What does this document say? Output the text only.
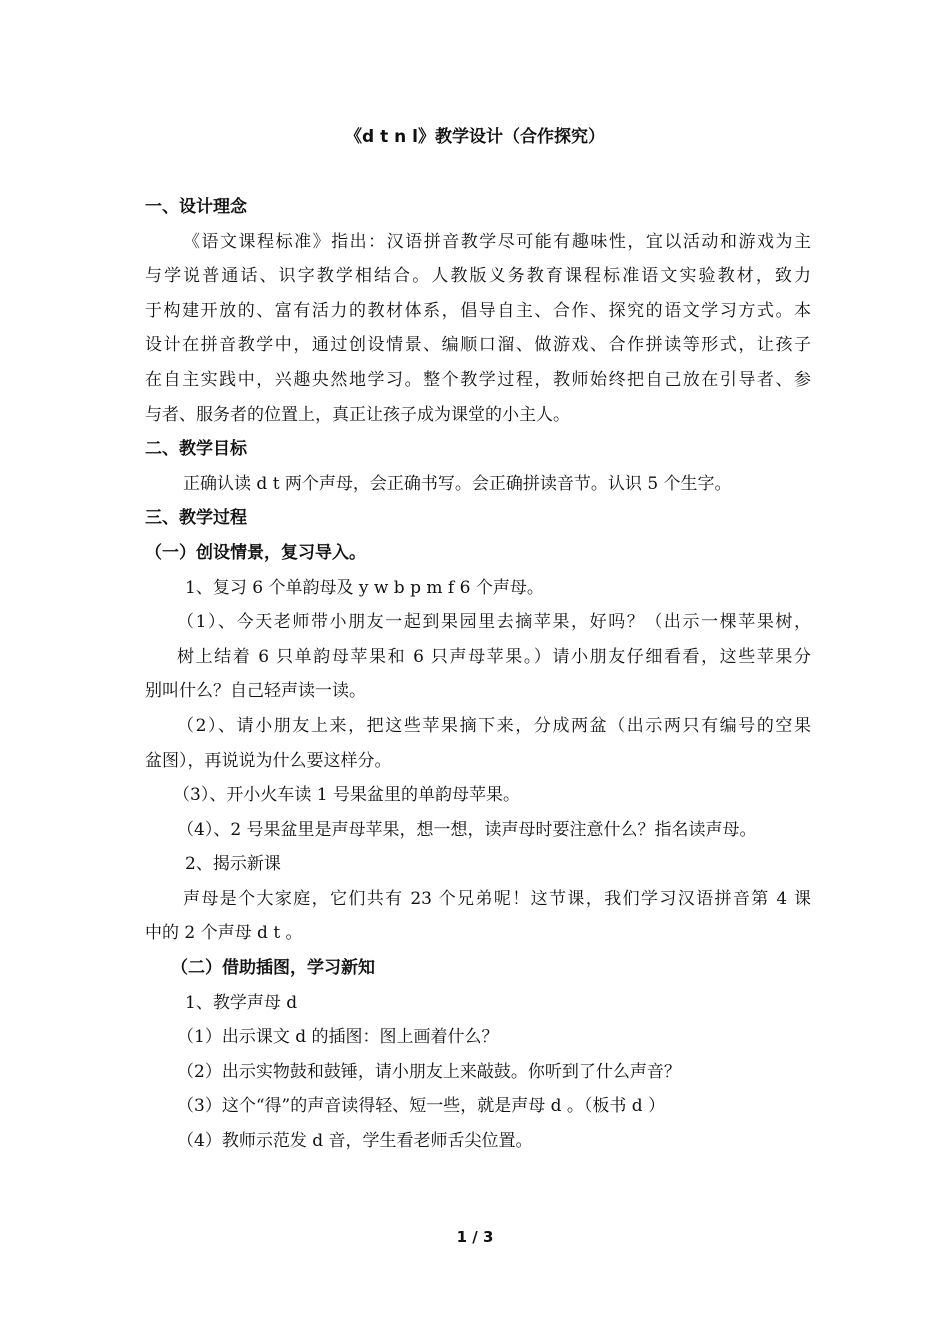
《d t n l》教学设计（合作探究）
一、设计理念
《语文课程标准》指出：汉语拼音教学尽可能有趣味性，宜以活动和游戏为主
与学说普通话、识字教学相结合。人教版义务教育课程标准语文实验教材，致力
于构建开放的、富有活力的教材体系，倡导自主、合作、探究的语文学习方式。本
设计在拼音教学中，通过创设情景、编顺口溜、做游戏、合作拼读等形式，让孩子
在自主实践中，兴趣央然地学习。整个教学过程，教师始终把自己放在引导者、参
与者、服务者的位置上，真正让孩子成为课堂的小主人。
二、教学目标
正确认读 d t 两个声母，会正确书写。会正确拼读音节。认识 5 个生字。
三、教学过程
（一）创设情景，复习导入。
1、复习 6 个单韵母及 y w b p m f 6 个声母。
（1）、今天老师带小朋友一起到果园里去摘苹果，好吗？（出示一棵苹果树，
树上结着 6 只单韵母苹果和 6 只声母苹果。）请小朋友仔细看看，这些苹果分
别叫什么？自己轻声读一读。
（2）、请小朋友上来，把这些苹果摘下来，分成两盆（出示两只有编号的空果
盆图），再说说为什么要这样分。
（3）、开小火车读 1 号果盆里的单韵母苹果。
（4）、2 号果盆里是声母苹果，想一想，读声母时要注意什么？指名读声母。
2、揭示新课
声母是个大家庭，它们共有 23 个兄弟呢！这节课，我们学习汉语拼音第 4 课
中的 2 个声母 d t 。
（二）借助插图，学习新知
1、教学声母 d
（1）出示课文 d 的插图：图上画着什么？
（2）出示实物鼓和鼓锤，请小朋友上来敲鼓。你听到了什么声音？
（3）这个“得”的声音读得轻、短一些，就是声母 d 。（板书 d ）
（4）教师示范发 d 音，学生看老师舌尖位置。
1 / 3
